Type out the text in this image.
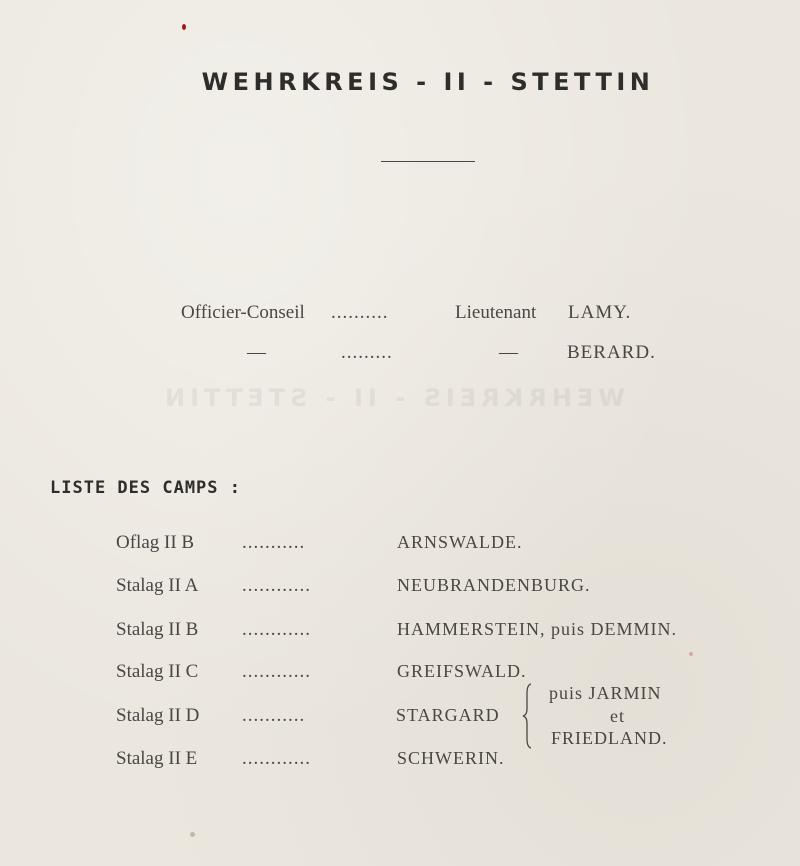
WEHRKREIS - II - STETTIN
WEHRKREIS - II - STETTIN
Officier-Conseil ..........	Lieutenant LAMY.
—	.........	—	BERARD.
LISTE DES CAMPS :
Oflag II B	...........	ARNSWALDE.
Stalag II A ............	NEUBRANDENBURG.
Stalag II B ............	HAMMERSTEIN, puis DEMMIN.
Stalag II C ............	GREIFSWALD.
Stalag II D ...........	STARGARD
puis JARMIN
et
FRIEDLAND.
Stalag II E ............	SCHWERIN.
